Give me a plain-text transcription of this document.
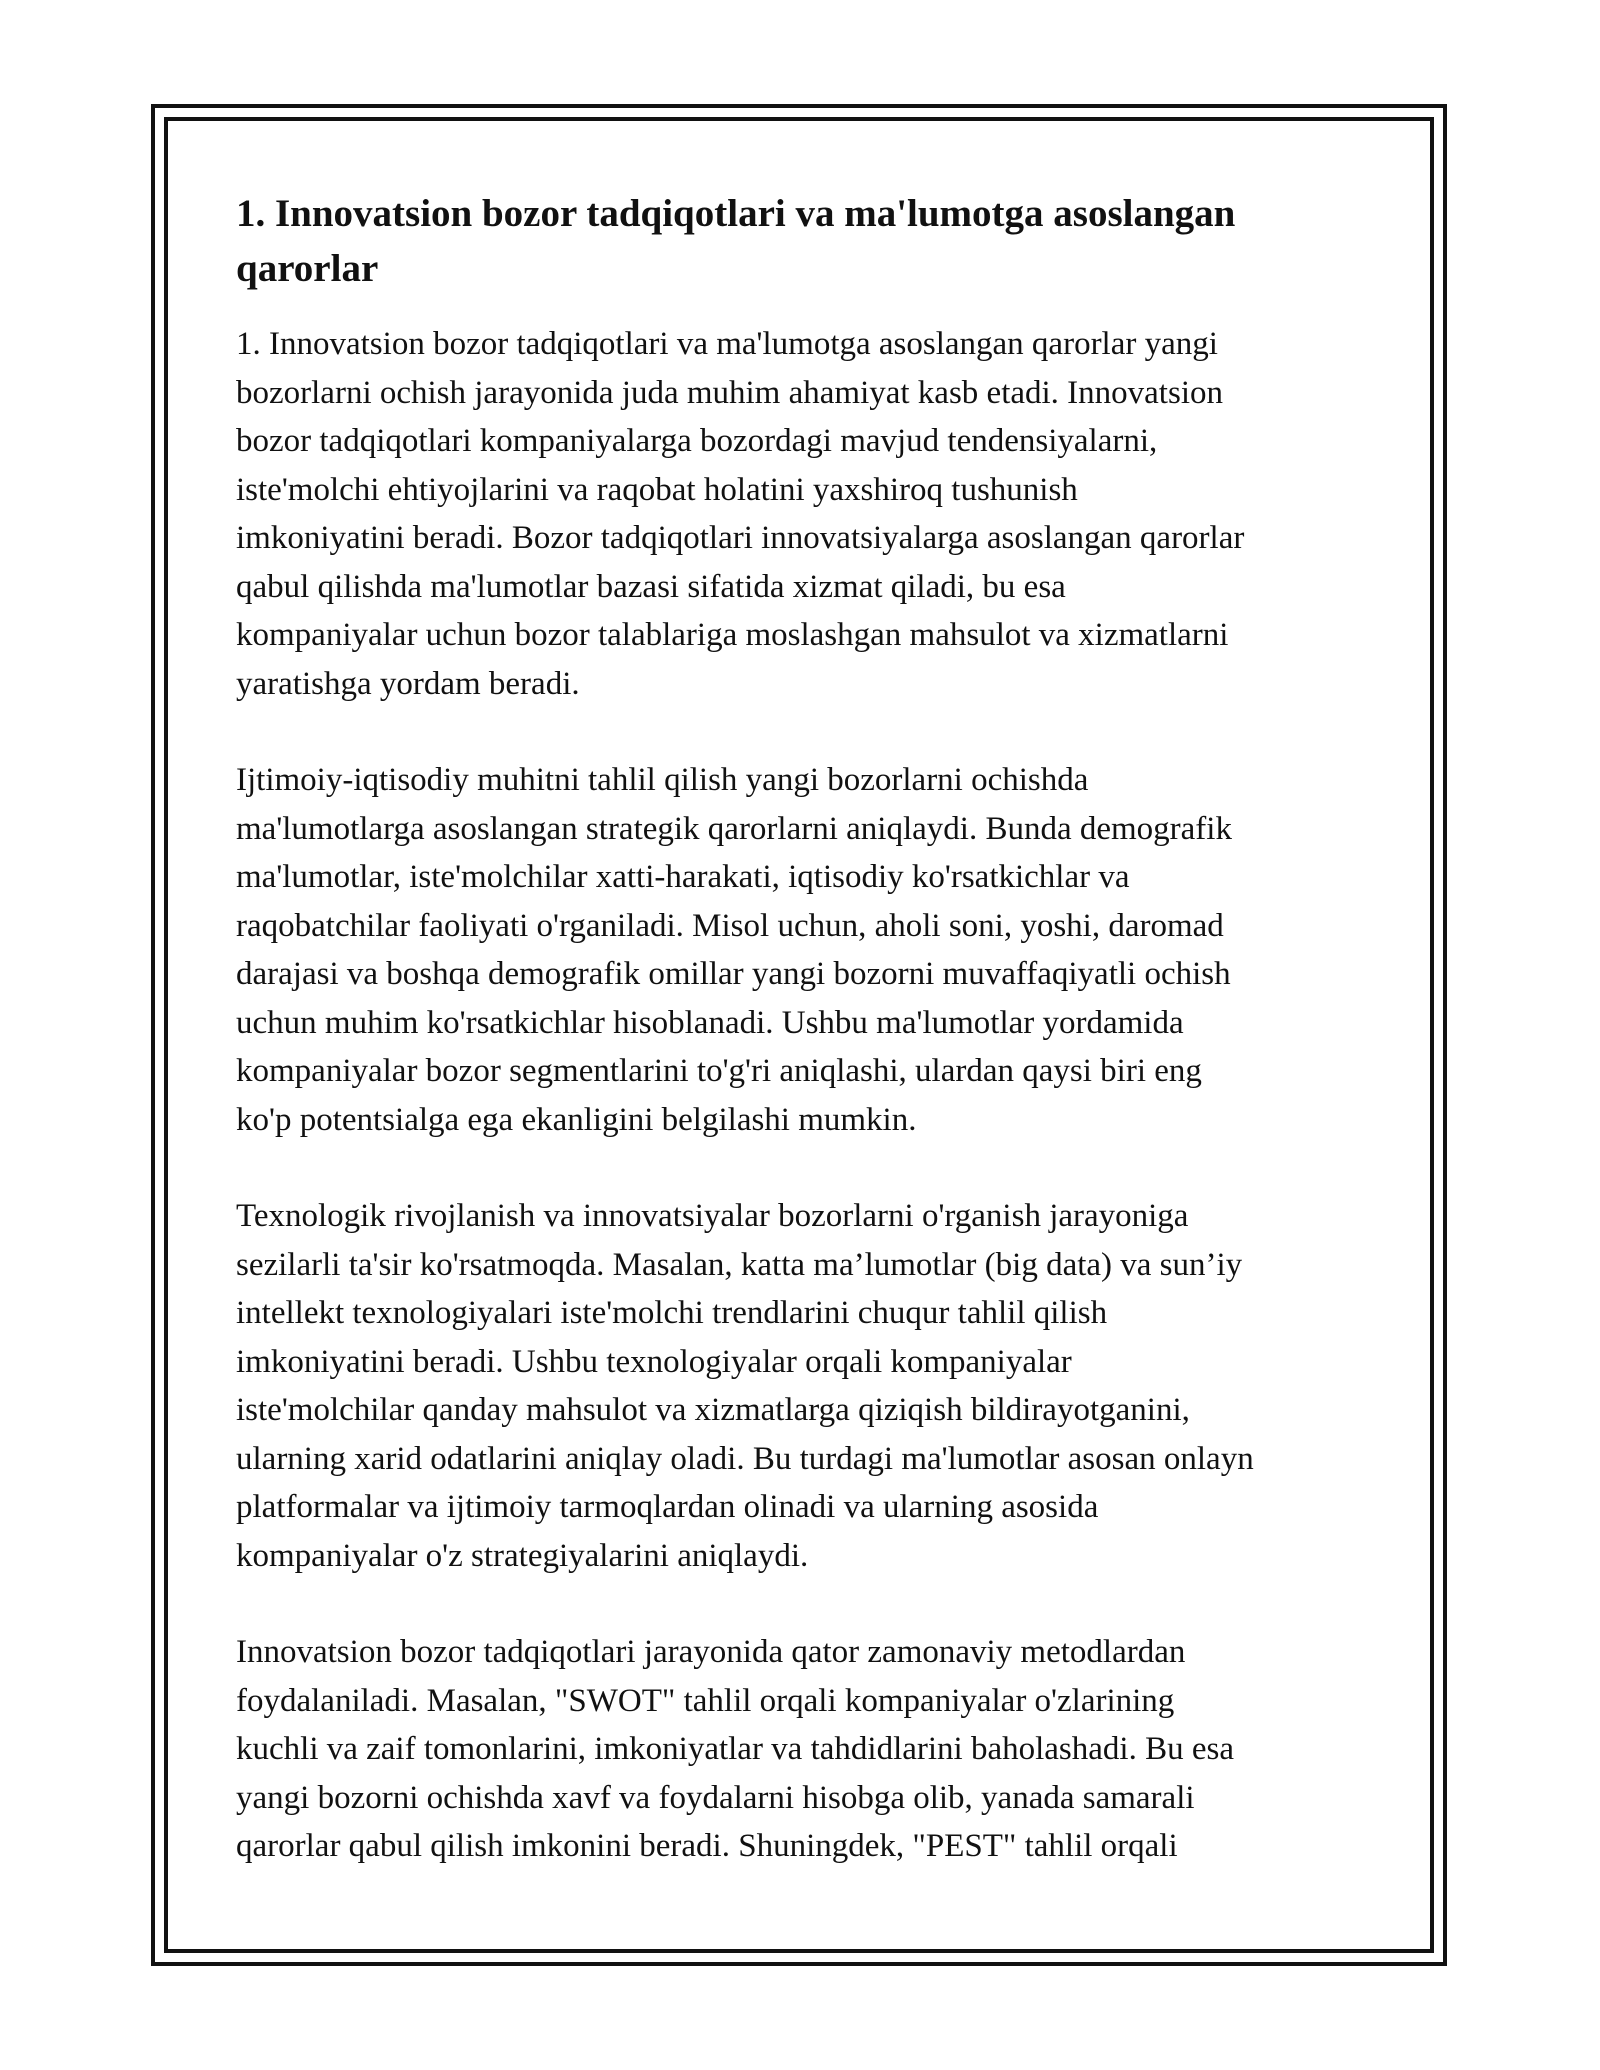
1. Innovatsion bozor tadqiqotlari va ma'lumotga asoslangan
qarorlar

1. Innovatsion bozor tadqiqotlari va ma'lumotga asoslangan qarorlar yangi
bozorlarni ochish jarayonida juda muhim ahamiyat kasb etadi. Innovatsion
bozor tadqiqotlari kompaniyalarga bozordagi mavjud tendensiyalarni,
iste'molchi ehtiyojlarini va raqobat holatini yaxshiroq tushunish
imkoniyatini beradi. Bozor tadqiqotlari innovatsiyalarga asoslangan qarorlar
qabul qilishda ma'lumotlar bazasi sifatida xizmat qiladi, bu esa
kompaniyalar uchun bozor talablariga moslashgan mahsulot va xizmatlarni
yaratishga yordam beradi.

Ijtimoiy-iqtisodiy muhitni tahlil qilish yangi bozorlarni ochishda
ma'lumotlarga asoslangan strategik qarorlarni aniqlaydi. Bunda demografik
ma'lumotlar, iste'molchilar xatti-harakati, iqtisodiy ko'rsatkichlar va
raqobatchilar faoliyati o'rganiladi. Misol uchun, aholi soni, yoshi, daromad
darajasi va boshqa demografik omillar yangi bozorni muvaffaqiyatli ochish
uchun muhim ko'rsatkichlar hisoblanadi. Ushbu ma'lumotlar yordamida
kompaniyalar bozor segmentlarini to'g'ri aniqlashi, ulardan qaysi biri eng
ko'p potentsialga ega ekanligini belgilashi mumkin.

Texnologik rivojlanish va innovatsiyalar bozorlarni o'rganish jarayoniga
sezilarli ta'sir ko'rsatmoqda. Masalan, katta ma’lumotlar (big data) va sun’iy
intellekt texnologiyalari iste'molchi trendlarini chuqur tahlil qilish
imkoniyatini beradi. Ushbu texnologiyalar orqali kompaniyalar
iste'molchilar qanday mahsulot va xizmatlarga qiziqish bildirayotganini,
ularning xarid odatlarini aniqlay oladi. Bu turdagi ma'lumotlar asosan onlayn
platformalar va ijtimoiy tarmoqlardan olinadi va ularning asosida
kompaniyalar o'z strategiyalarini aniqlaydi.

Innovatsion bozor tadqiqotlari jarayonida qator zamonaviy metodlardan
foydalaniladi. Masalan, "SWOT" tahlil orqali kompaniyalar o'zlarining
kuchli va zaif tomonlarini, imkoniyatlar va tahdidlarini baholashadi. Bu esa
yangi bozorni ochishda xavf va foydalarni hisobga olib, yanada samarali
qarorlar qabul qilish imkonini beradi. Shuningdek, "PEST" tahlil orqali
